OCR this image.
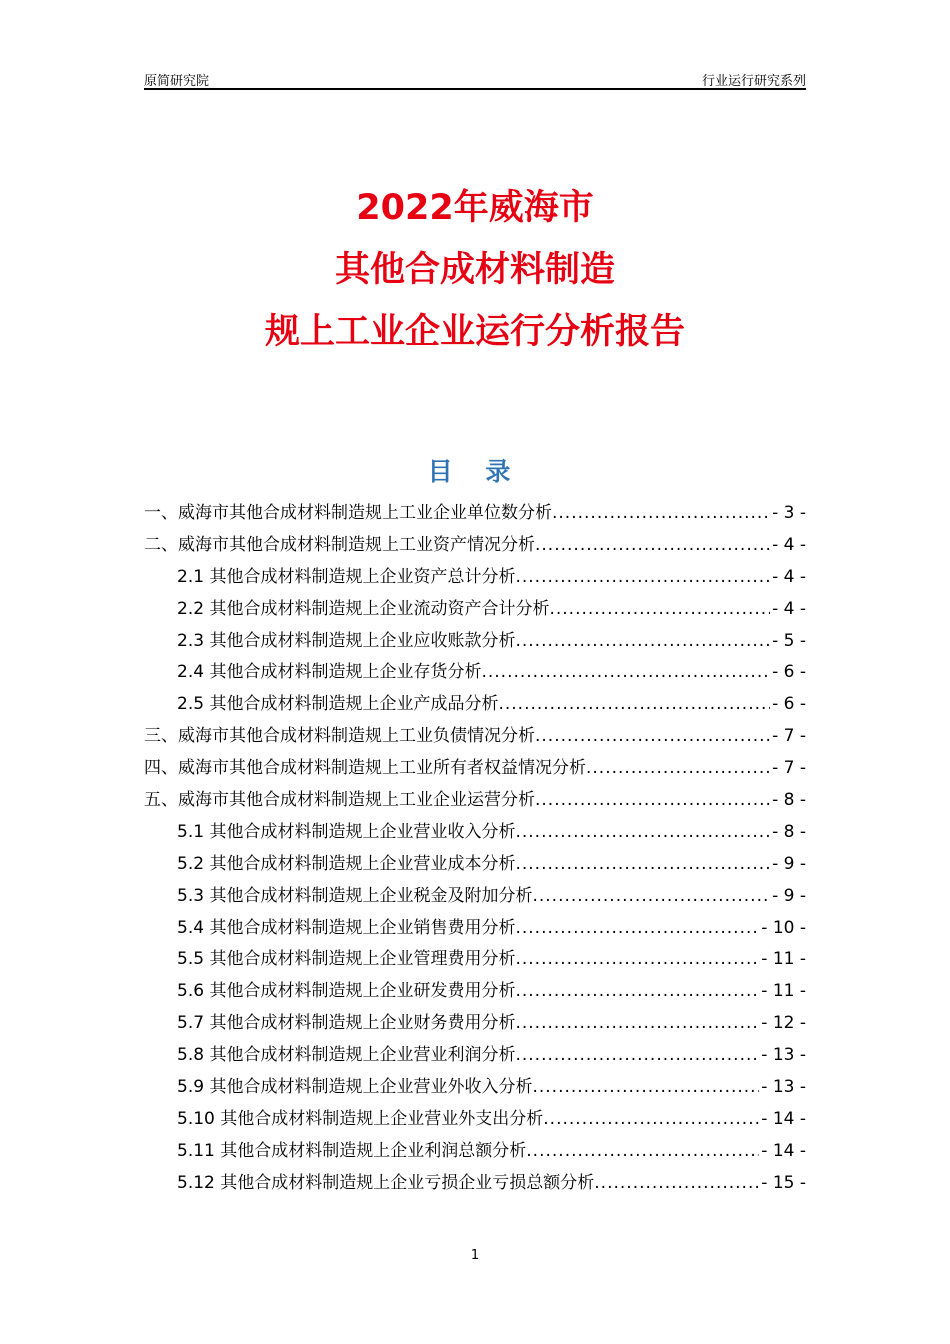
原简研究院	行业运行研究系列
2022年威海市
其他合成材料制造
规上工业企业运行分析报告
目 录
一、威海市其他合成材料制造规上工业企业单位数分析 .....	- 3 -
二、威海市其他合成材料制造规上工业资产情况分析 .....	- 4 -
2.1 其他合成材料制造规上企业资产总计分析 .....	- 4 -
2.2 其他合成材料制造规上企业流动资产合计分析 .....	- 4 -
2.3 其他合成材料制造规上企业应收账款分析 .....	- 5 -
2.4 其他合成材料制造规上企业存货分析 .....	- 6 -
2.5 其他合成材料制造规上企业产成品分析 .....	- 6 -
三、威海市其他合成材料制造规上工业负债情况分析 .....	- 7 -
四、威海市其他合成材料制造规上工业所有者权益情况分析 .....	- 7 -
五、威海市其他合成材料制造规上工业企业运营分析 .....	- 8 -
5.1 其他合成材料制造规上企业营业收入分析 .....	- 8 -
5.2 其他合成材料制造规上企业营业成本分析 .....	- 9 -
5.3 其他合成材料制造规上企业税金及附加分析 .....	- 9 -
5.4 其他合成材料制造规上企业销售费用分析 .....	- 10 -
5.5 其他合成材料制造规上企业管理费用分析 .....	- 11 -
5.6 其他合成材料制造规上企业研发费用分析 .....	- 11 -
5.7 其他合成材料制造规上企业财务费用分析 .....	- 12 -
5.8 其他合成材料制造规上企业营业利润分析 .....	- 13 -
5.9 其他合成材料制造规上企业营业外收入分析 .....	- 13 -
5.10 其他合成材料制造规上企业营业外支出分析 .....	- 14 -
5.11 其他合成材料制造规上企业利润总额分析 .....	- 14 -
5.12 其他合成材料制造规上企业亏损企业亏损总额分析 .....	- 15 -
1
